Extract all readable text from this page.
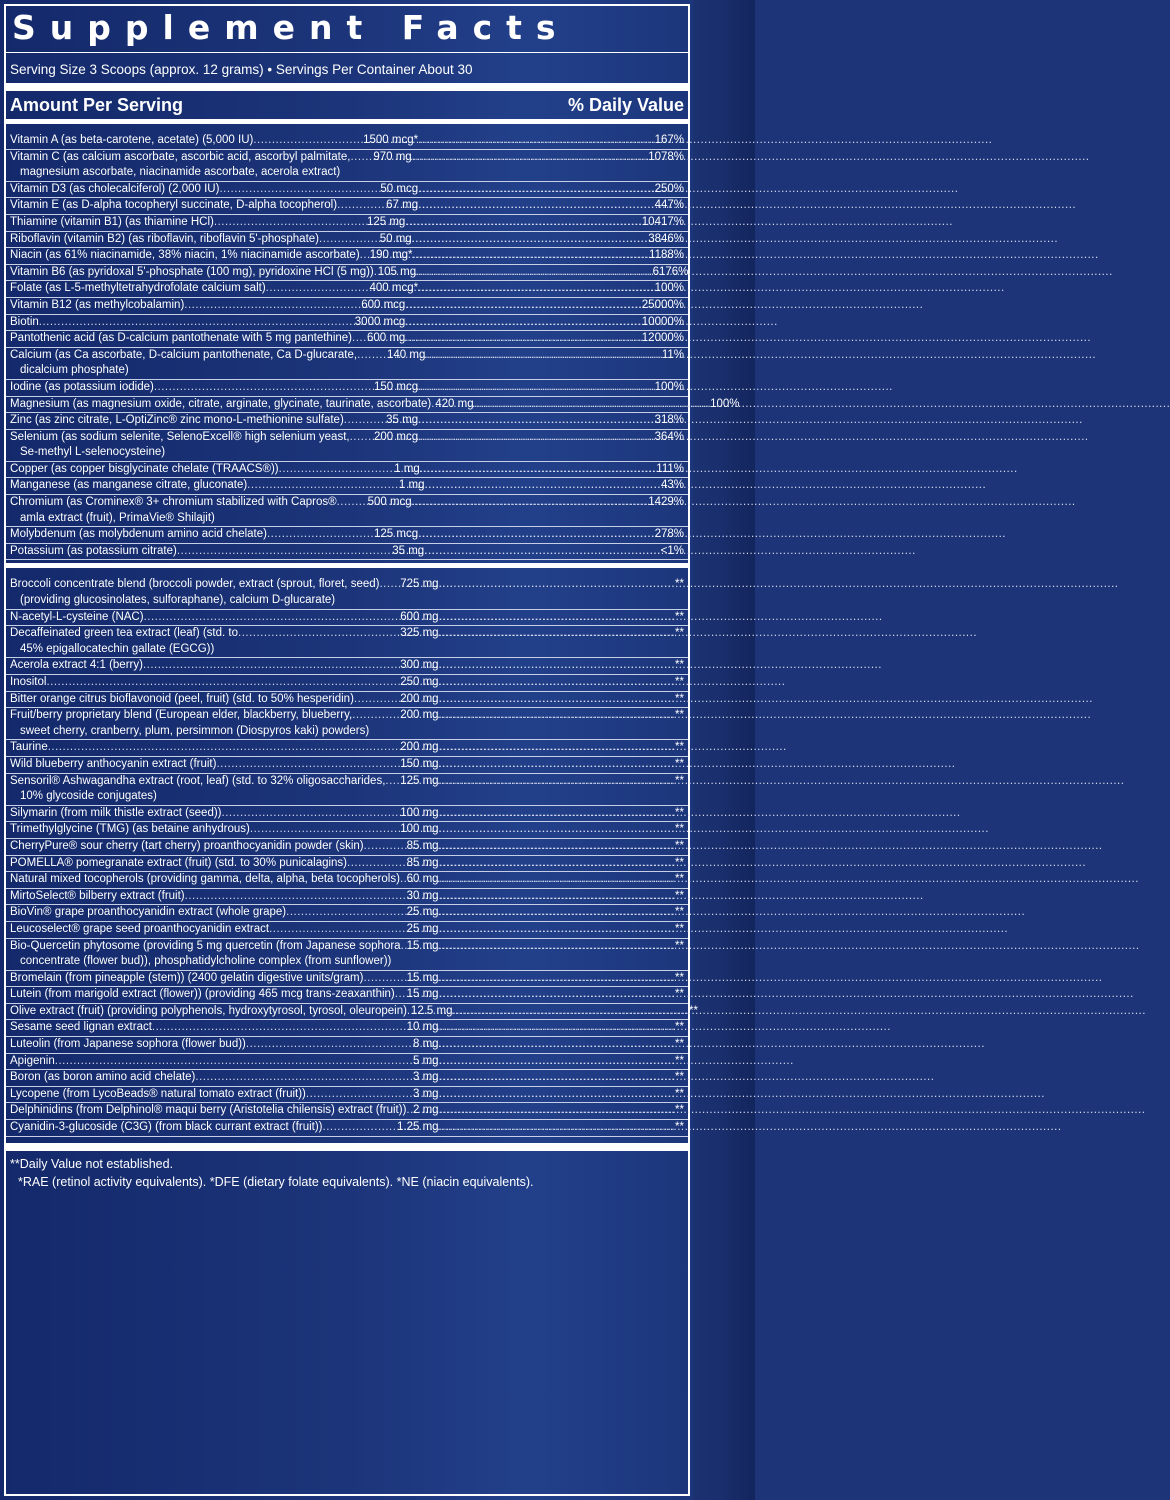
Supplement Facts
Serving Size 3 Scoops (approx. 12 grams) • Servings Per Container About 30
Amount Per Serving	% Daily Value
Vitamin A (as beta-carotene, acetate) (5,000 IU) .....	1500 mcg* .....	167%
Vitamin C (as calcium ascorbate, ascorbic acid, ascorbyl palmitate, ..... 970 mg .....	1078%
magnesium ascorbate, niacinamide ascorbate, acerola extract)
Vitamin D3 (as cholecalciferol) (2,000 IU) .....	50 mcg .....	250%
Vitamin E (as D-alpha tocopheryl succinate, D-alpha tocopherol) .....	67 mg .....	447%
Thiamine (vitamin B1) (as thiamine HCl) .....	125 mg .....	10417%
Riboflavin (vitamin B2) (as riboflavin, riboflavin 5'-phosphate) .....	50 mg .....	3846%
Niacin (as 61% niacinamide, 38% niacin, 1% niacinamide ascorbate) ..... 190 mg* .....	1188%
Vitamin B6 (as pyridoxal 5'-phosphate (100 mg), pyridoxine HCl (5 mg)) ..... 105 mg .....	6176%
Folate (as L-5-methyltetrahydrofolate calcium salt) .....	400 mcg* .....	100%
Vitamin B12 (as methylcobalamin) .....	600 mcg .....	25000%
Biotin .....	3000 mcg .....	10000%
Pantothenic acid (as D-calcium pantothenate with 5 mg pantethine) ..... 600 mg .....	12000%
Calcium (as Ca ascorbate, D-calcium pantothenate, Ca D-glucarate, .....	140 mg .....	11%
dicalcium phosphate)
Iodine (as potassium iodide) .....	150 mcg .....	100%
Magnesium (as magnesium oxide, citrate, arginate, glycinate, taurinate, ascorbate) ..... 420 mg .....	100%
Zinc (as zinc citrate, L-OptiZinc® zinc mono-L-methionine sulfate) .....	35 mg .....	318%
Selenium (as sodium selenite, SelenoExcell® high selenium yeast, ..... 200 mcg .....	364%
Se-methyl L-selenocysteine)
Copper (as copper bisglycinate chelate (TRAACS®)) .....	1 mg .....	111%
Manganese (as manganese citrate, gluconate) .....	1 mg .....	43%
Chromium (as Crominex® 3+ chromium stabilized with Capros® .....	500 mcg .....	1429%
amla extract (fruit), PrimaVie® Shilajit)
Molybdenum (as molybdenum amino acid chelate) .....	125 mcg .....	278%
Potassium (as potassium citrate) .....	35 mg .....	<1%
Broccoli concentrate blend (broccoli powder, extract (sprout, floret, seed) ..... 725 mg .....	**
(providing glucosinolates, sulforaphane), calcium D-glucarate)
N-acetyl-L-cysteine (NAC) .....	600 mg .....	**
Decaffeinated green tea extract (leaf) (std. to .....	325 mg .....	**
45% epigallocatechin gallate (EGCG))
Acerola extract 4:1 (berry) .....	300 mg .....	**
Inositol .....	250 mg .....	**
Bitter orange citrus bioflavonoid (peel, fruit) (std. to 50% hesperidin) .....	200 mg .....	**
Fruit/berry proprietary blend (European elder, blackberry, blueberry, .....	200 mg .....	**
sweet cherry, cranberry, plum, persimmon (Diospyros kaki) powders)
Taurine .....	200 mg .....	**
Wild blueberry anthocyanin extract (fruit) .....	150 mg .....	**
Sensoril® Ashwagandha extract (root, leaf) (std. to 32% oligosaccharides, ..... 125 mg .....	**
10% glycoside conjugates)
Silymarin (from milk thistle extract (seed)) .....	100 mg .....	**
Trimethylglycine (TMG) (as betaine anhydrous) .....	100 mg .....	**
CherryPure® sour cherry (tart cherry) proanthocyanidin powder (skin) .....	85 mg .....	**
POMELLA® pomegranate extract (fruit) (std. to 30% punicalagins) .....	85 mg .....	**
Natural mixed tocopherols (providing gamma, delta, alpha, beta tocopherols) ..... 60 mg .....	**
MirtoSelect® bilberry extract (fruit) .....	30 mg .....	**
BioVin® grape proanthocyanidin extract (whole grape) .....	25 mg .....	**
Leucoselect® grape seed proanthocyanidin extract .....	25 mg .....	**
Bio-Quercetin phytosome (providing 5 mg quercetin (from Japanese sophora ..... 15 mg .....	**
concentrate (flower bud)), phosphatidylcholine complex (from sunflower))
Bromelain (from pineapple (stem)) (2400 gelatin digestive units/gram) .....	15 mg .....	**
Lutein (from marigold extract (flower)) (providing 465 mcg trans-zeaxanthin) ..... 15 mg .....	**
Olive extract (fruit) (providing polyphenols, hydroxytyrosol, tyrosol, oleuropein) ..... 12.5 mg .....	**
Sesame seed lignan extract .....	10 mg .....	**
Luteolin (from Japanese sophora (flower bud)) .....	8 mg .....	**
Apigenin .....	5 mg .....	**
Boron (as boron amino acid chelate) .....	3 mg .....	**
Lycopene (from LycoBeads® natural tomato extract (fruit)) .....	3 mg .....	**
Delphinidins (from Delphinol® maqui berry (Aristotelia chilensis) extract (fruit)) ..... 2 mg .....	**
Cyanidin-3-glucoside (C3G) (from black currant extract (fruit)) .....	1.25 mg .....	**
**Daily Value not established.
*RAE (retinol activity equivalents). *DFE (dietary folate equivalents). *NE (niacin equivalents).
